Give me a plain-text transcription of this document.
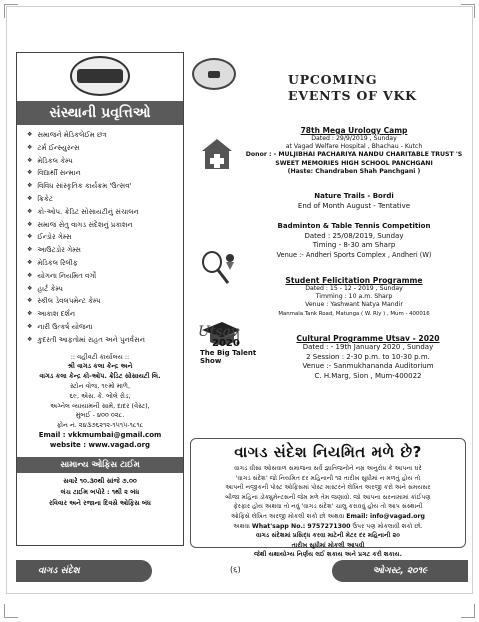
સંસ્થાની પ્રવૃત્તિઓ
❖ સમાજને મેડિકલેઈમ છત્ર
❖ ટર્મ ઈન્સ્યુરન્સ
❖ મેડિકલ કેમ્પ
❖ વિદ્યાર્થી સન્માન
❖ વિવિધ સાંસ્કૃતિક કાર્યક્રમ 'ઉત્સવ'
❖ ક્રિકેટ
❖ કો-ઓપ. ક્રેડિટ સોસાયટીનું સંચાલન
❖ સમાજ સેતુ વાગડ સંદેશનું પ્રકાશન
❖ ઈન્ડોર ગેમ્સ
❖ આઉટડોર ગેમ્સ
❖ મેડિકલ રિલીફ
❖ યોગના નિયમિત વર્ગો
❖ હાર્ટ કેમ્પ
❖ સ્કીલ ડેવલપમેન્ટ કેમ્પ
❖ આકાશ દર્શન
❖ નારી ઉત્કર્ષ યોજના
❖ કુદરતી આફતોમાં રાહત અને પુનર્વસન
:: વહીવટી કાર્યાલય ::
શ્રી વાગડ કલા કેન્દ્ર અને
વાગડ કલા કેન્દ્ર કો-ઓપ. ક્રેડિટ સોસાયટી લિ.
સ્ટોન વોજ, ૧૯મો માળે,
૬૯, એસ. કે. બોલે રોડ,
અગ્નેલ વ્યાયામની સામે, દાદર (વેસ્ટ),
મુંબઈ - ૪૦૦ ૦૨૮.
ફોન નં. ૨૪૩૭૬૨૧૨-૧૫૧૫-૧૮૧૮
Email : vkkmumbai@gmail.com
website : www.vagad.org
સામાન્ય ઓફિસ ટાઈમ
સવારે ૧૦.૩૦થી સાંજે ૭.૦૦
લંચ ટાઈમ બપોરે : ૧થી ૨ બંધ
રવિવાર અને રજાના દિવસે ઓફિસ બંધ

UPCOMING
EVENTS OF VKK
78th Mega Urology Camp
Dated : 29/9/2019 , Sunday
at Vagad Welfare Hospital , Bhachau - Kutch
Donor : - MULJIBHAI PACHARIYA NANDU CHARITABLE TRUST 'S
SWEET MEMORIES HIGH SCHOOL PANCHGANI
(Haste: Chandraben Shah Panchgani )
Nature Trails - Bordi
End of Month August - Tentative
Badminton & Table Tennis Competition
Dated : 25/08/2019, Sunday
Timing - 8-30 am Sharp
Venue :- Andheri Sports Complex , Andheri (W)
Student Felicitation Programme
Dated : 15 - 12 - 2019 , Sunday
Timming : 10 a.m. Sharp
Venue : Yashwant Natya Mandir
Manmala Tank Road, Matunga ( W. Rly ) , Mum - 400016
Utsav
2020
The Big Talent Show
Cultural Programme Utsav - 2020
Dated : - 19th January 2020 , Sunday
2 Session : 2-30 p.m. to 10-30 p.m.
Venue :- Sanmukhananda Auditorium
C. H.Marg, Sion , Mum-400022
વાગડ સંદેશ નિયમિત મળે છે?
વાગડ વીસા ઓસવાળ સમાજના સર્વે જ્ઞાતિજનોને નમ્ર અનુરોધ કે આપના ઘરે
'વાગડ સંદેશ' જો નિયમિત દર મહિનાની ૧૨ તારીખ સુધીમાં ન મળતું હોય તો
આપની નજીકની પોસ્ટ ઓફિસમાં પોસ્ટ માસ્ટરને લેખિત અરજી કરો અને સમયસર
બીજા મહિના ડોક્યુમેન્ટસની જેમ મળે તેમ જણાવો. જો આપના સરનામામાં કાંઈપણ
ફેરફાર હોય અથવા તો નવું 'વાગડ સંદેશ' ચાલુ કરાવવું હોય તો આપ સંસ્થાની
ઓફિસે લેખિત અરજી મોકલી શકો છો અથવા Email: info@vagad.org
અથવા What'sapp No.: 9757271300 ઉપર પણ મોકલાવી શકો છો.
વાગડ સંદેશમાં પ્રસિદ્ધ કરવા માટેની મેટર દર મહિનાની ૨૦
તારીખ સુધીમાં મોકલી આપવી
જેથી યથાયોગ્ય નિર્ણય લઈ શકાય અને પ્રગટ કરી શકાય.
વાગડ સંદેશ	(૬)	ઓગસ્ટ, ૨૦૧૯
